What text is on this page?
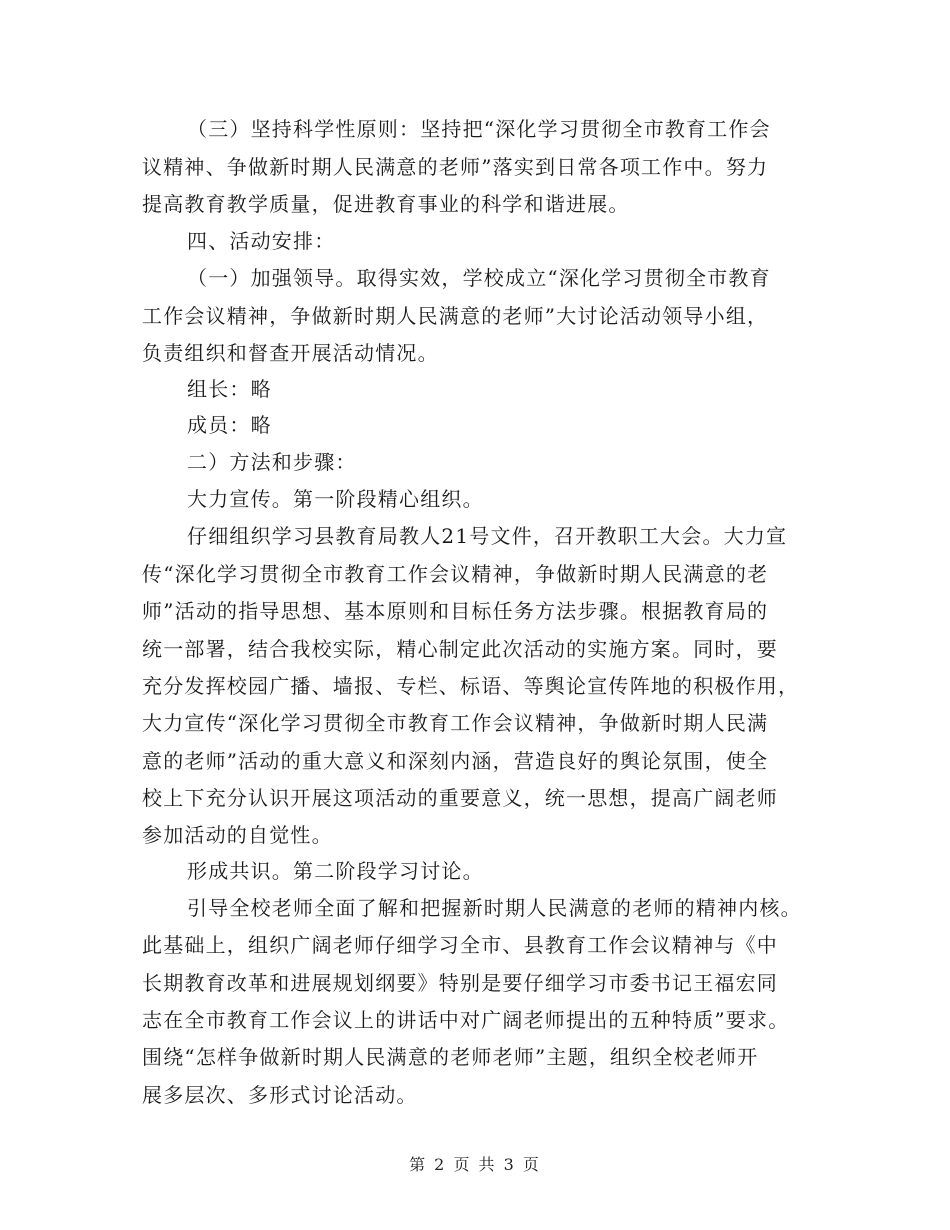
（三）坚持科学性原则：坚持把“深化学习贯彻全市教育工作会
议精神、争做新时期人民满意的老师”落实到日常各项工作中。努力
提高教育教学质量，促进教育事业的科学和谐进展。
四、活动安排：
（一）加强领导。取得实效，学校成立“深化学习贯彻全市教育
工作会议精神，争做新时期人民满意的老师”大讨论活动领导小组，
负责组织和督查开展活动情况。
组长：略
成员：略
二）方法和步骤：
大力宣传。第一阶段精心组织。
仔细组织学习县教育局教人21号文件，召开教职工大会。大力宣
传“深化学习贯彻全市教育工作会议精神，争做新时期人民满意的老
师”活动的指导思想、基本原则和目标任务方法步骤。根据教育局的
统一部署，结合我校实际，精心制定此次活动的实施方案。同时，要
充分发挥校园广播、墙报、专栏、标语、等舆论宣传阵地的积极作用，
大力宣传“深化学习贯彻全市教育工作会议精神，争做新时期人民满
意的老师”活动的重大意义和深刻内涵，营造良好的舆论氛围，使全
校上下充分认识开展这项活动的重要意义，统一思想，提高广阔老师
参加活动的自觉性。
形成共识。第二阶段学习讨论。
引导全校老师全面了解和把握新时期人民满意的老师的精神内核。
此基础上，组织广阔老师仔细学习全市、县教育工作会议精神与《中
长期教育改革和进展规划纲要》特别是要仔细学习市委书记王福宏同
志在全市教育工作会议上的讲话中对广阔老师提出的五种特质”要求。
围绕“怎样争做新时期人民满意的老师老师”主题，组织全校老师开
展多层次、多形式讨论活动。
第 2 页 共 3 页
